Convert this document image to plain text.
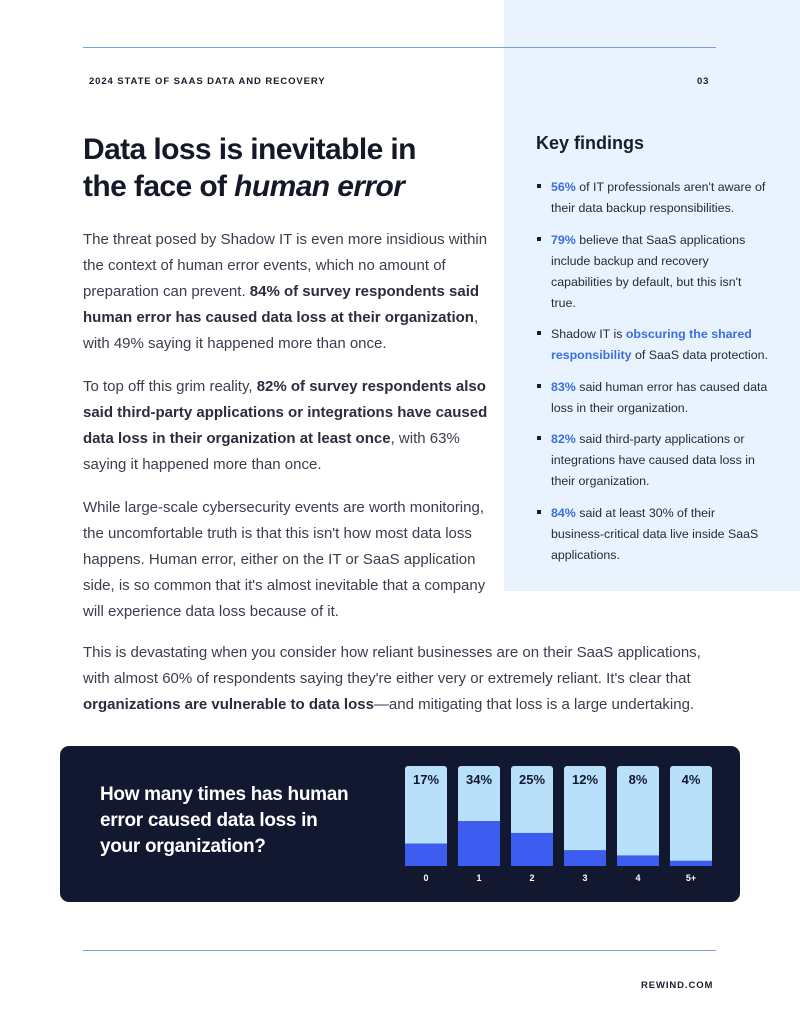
2024 STATE OF SAAS DATA AND RECOVERY	03
Data loss is inevitable in
the face of human error

The threat posed by Shadow IT is even more insidious within the context of human error events, which no amount of preparation can prevent. 84% of survey respondents said human error has caused data loss at their organization, with 49% saying it happened more than once.

To top off this grim reality, 82% of survey respondents also said third-party applications or integrations have caused data loss in their organization at least once, with 63% saying it happened more than once.

While large-scale cybersecurity events are worth monitoring, the uncomfortable truth is that this isn't how most data loss happens. Human error, either on the IT or SaaS application side, is so common that it's almost inevitable that a company will experience data loss because of it.

This is devastating when you consider how reliant businesses are on their SaaS applications, with almost 60% of respondents saying they're either very or extremely reliant. It's clear that organizations are vulnerable to data loss—and mitigating that loss is a large undertaking.

Key findings
56% of IT professionals aren't aware of their data backup responsibilities.
79% believe that SaaS applications include backup and recovery capabilities by default, but this isn't true.
Shadow IT is obscuring the shared responsibility of SaaS data protection.
83% said human error has caused data loss in their organization.
82% said third-party applications or integrations have caused data loss in their organization.
84% said at least 30% of their business-critical data live inside SaaS applications.
How many times has human error caused data loss in your organization?
17%
0
34%
1
25%
2
12%
3
8%
4
4%
5+
REWIND.COM
